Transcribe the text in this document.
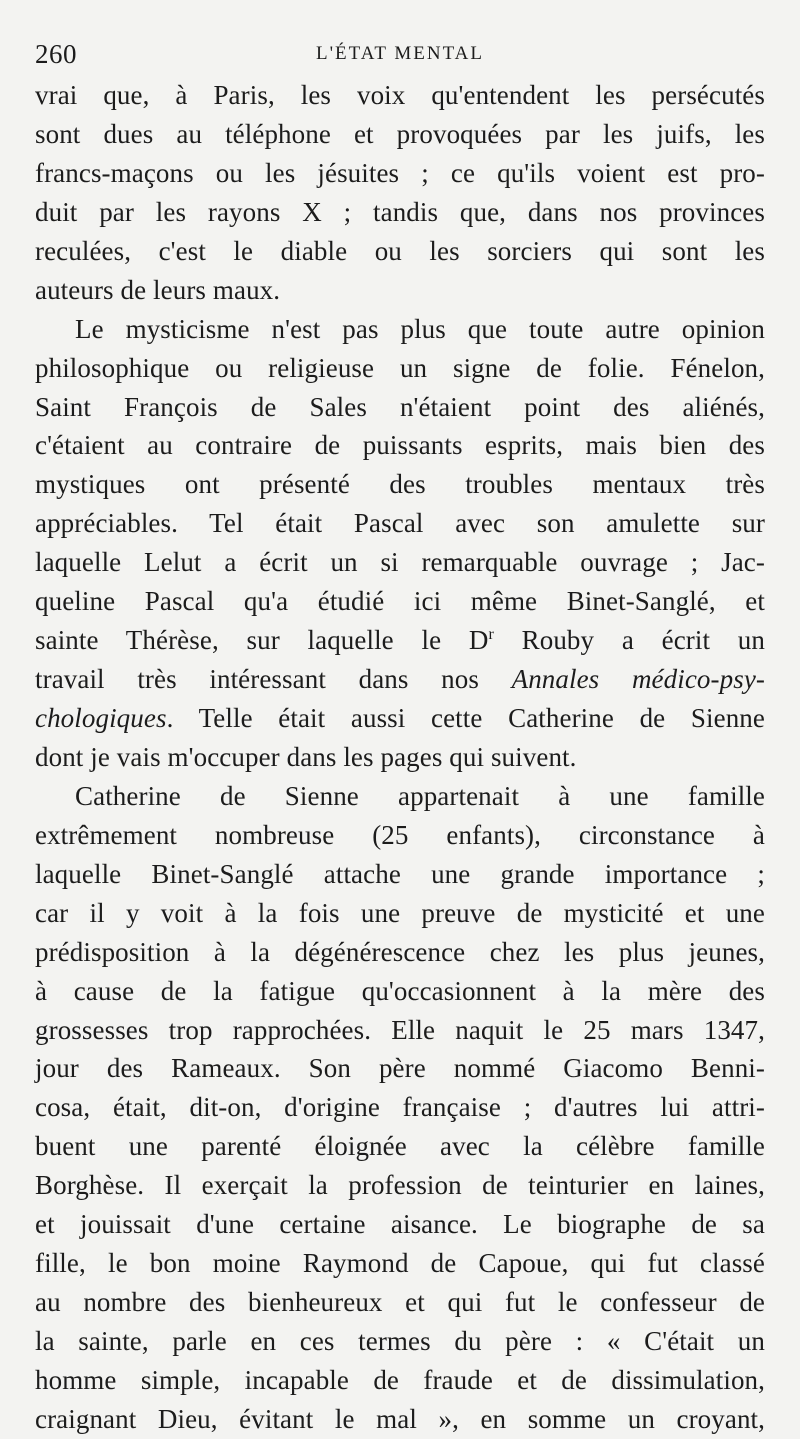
260	L'ÉTAT MENTAL
vrai que, à Paris, les voix qu'entendent les persécutés
sont dues au téléphone et provoquées par les juifs, les
francs-maçons ou les jésuites ; ce qu'ils voient est pro-
duit par les rayons X ; tandis que, dans nos provinces
reculées, c'est le diable ou les sorciers qui sont les
auteurs de leurs maux.
Le mysticisme n'est pas plus que toute autre opinion
philosophique ou religieuse un signe de folie. Fénelon,
Saint François de Sales n'étaient point des aliénés,
c'étaient au contraire de puissants esprits, mais bien des
mystiques ont présenté des troubles mentaux très
appréciables. Tel était Pascal avec son amulette sur
laquelle Lelut a écrit un si remarquable ouvrage ; Jac-
queline Pascal qu'a étudié ici même Binet-Sanglé, et
sainte Thérèse, sur laquelle le $D^r$ Rouby a écrit un
travail très intéressant dans nos Annales médico-psy-
chologiques. Telle était aussi cette Catherine de Sienne
dont je vais m'occuper dans les pages qui suivent.
Catherine de Sienne appartenait à une famille
extrêmement nombreuse (25 enfants), circonstance à
laquelle Binet-Sanglé attache une grande importance ;
car il y voit à la fois une preuve de mysticité et une
prédisposition à la dégénérescence chez les plus jeunes,
à cause de la fatigue qu'occasionnent à la mère des
grossesses trop rapprochées. Elle naquit le 25 mars 1347,
jour des Rameaux. Son père nommé Giacomo Benni-
cosa, était, dit-on, d'origine française ; d'autres lui attri-
buent une parenté éloignée avec la célèbre famille
Borghèse. Il exerçait la profession de teinturier en laines,
et jouissait d'une certaine aisance. Le biographe de sa
fille, le bon moine Raymond de Capoue, qui fut classé
au nombre des bienheureux et qui fut le confesseur de
la sainte, parle en ces termes du père : « C'était un
homme simple, incapable de fraude et de dissimulation,
craignant Dieu, évitant le mal », en somme un croyant,
